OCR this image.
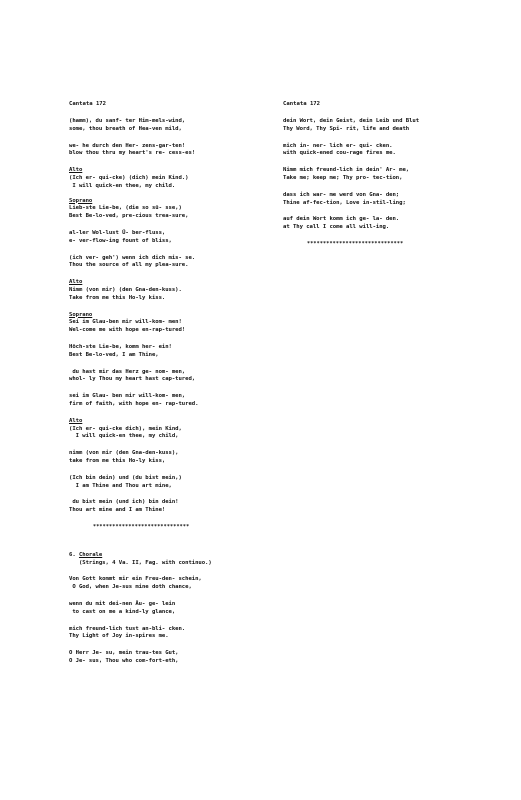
Cantata 172
(hamm), du sanf- ter Him-mels-wind,
some, thou breath of Hea-ven mild,
we- he durch den Her- zens-gar-ten!
blow thou thru my heart's re- cess-es!
Alto
(Ich er- qui-cke) (dich) mein Kind.)
I will quick-en thee, my child.
Soprano
Lieb-ste Lie-be, (die so sü- sse,)
Best Be-lo-ved, pre-cious trea-sure,
al-ler Wol-lust Ü- ber-fluss,
e- ver-flow-ing fount of bliss,
(ich ver- geh') wenn ich dich mis- se.
Thou the source of all my plea-sure.
Alto
Nimm (von mir) (den Gna-den-kuss).
Take from me this Ho-ly kiss.
Soprano
Sei im Glau-ben mir will-kom- men!
Wel-come me with hope en-rap-tured!
Höch-ste Lie-be, komm her- ein!
Best Be-lo-ved, I am Thine,
du hast mir das Herz ge- nom- men,
whol- ly Thou my heart hast cap-tured,
sei im Glau- ben mir will-kom- men,
firm of faith, with hope en- rap-tured.
Alto
(Ich er- qui-cke dich), mein Kind,
I will quick-en thee, my child,
nimm (von mir (den Gna-den-kuss),
take from me this Ho-ly kiss,
(Ich bin dein) und (du bist mein,)
I am Thine and Thou art mine,
du bist mein (und ich) bin dein!
Thou art mine and I am Thine!
******************************
6. Chorale
(Strings, 4 Va. II, Fag. with continuo.)
Von Gott kommt mir ein Freu-den- schein,
O God, when Je-sus mine doth chance,
wenn du mit dei-nen Äu- ge- lein
to cast on me a kind-ly glance,
mich freund-lich tust an-bli- cken.
Thy Light of Joy in-spires me.
O Herr Je- su, mein trau-tes Gut,
O Je- sus, Thou who com-fort-eth,
Cantata 172
dein Wort, dein Geist, dein Leib und Blut
Thy Word, Thy Spi- rit, life and death
mich in- ner- lich er- qui- cken.
with quick-ened cou-rage fires me.
Nimm mich freund-lich in dein' Ar- me,
Take me; keep me; Thy pro- tec-tion,
dass ich war- me werd von Gna- den;
Thine af-fec-tion, Love in-stil-ling;
auf dein Wort komm ich ge- la- den.
at Thy call I come all will-ing.
******************************
